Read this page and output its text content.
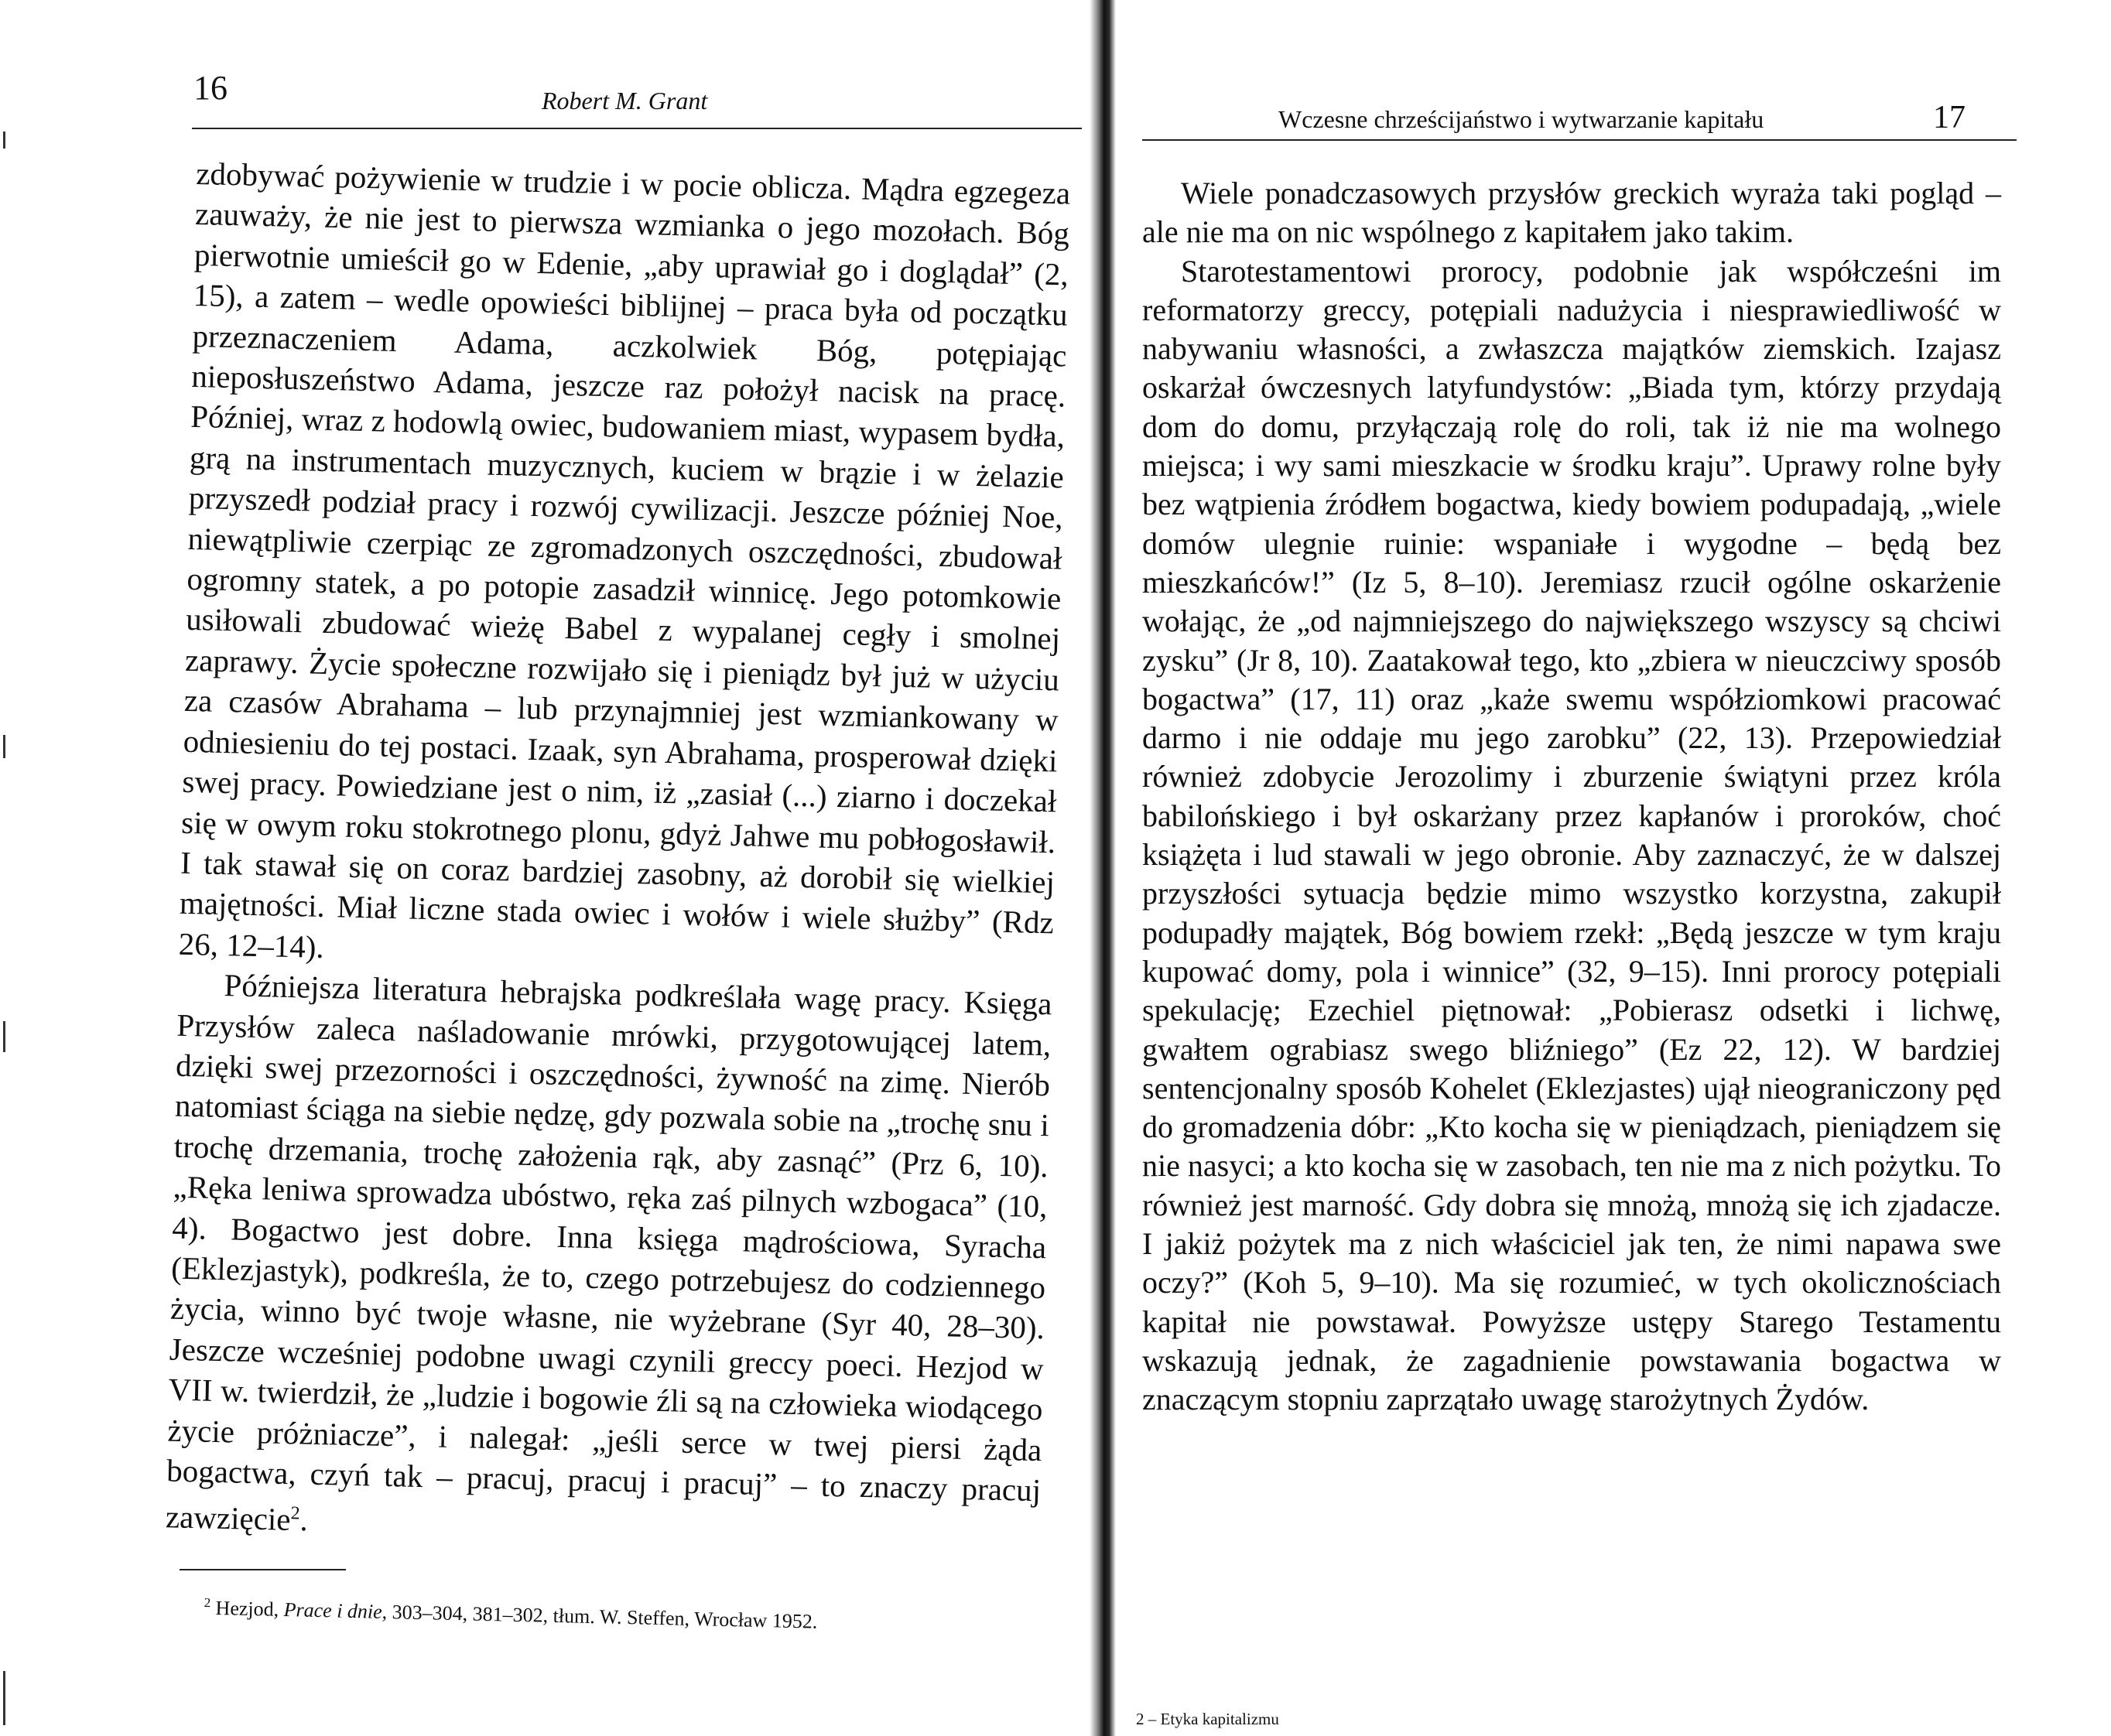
16	Robert M. Grant

zdobywać pożywienie w trudzie i w pocie oblicza. Mądra egzegeza zauważy, że nie jest to pierwsza wzmianka o jego mozołach. Bóg pierwotnie umieścił go w Edenie, „aby uprawiał go i doglądał” (2, 15), a zatem – wedle opowieści biblijnej – praca była od początku przeznaczeniem Adama, aczkolwiek Bóg, potępiając nieposłuszeństwo Adama, jeszcze raz położył nacisk na pracę. Później, wraz z hodowlą owiec, budowaniem miast, wypasem bydła, grą na instrumentach muzycznych, kuciem w brązie i w żelazie przyszedł podział pracy i rozwój cywilizacji. Jeszcze później Noe, niewątpliwie czerpiąc ze zgromadzonych oszczędności, zbudował ogromny statek, a po potopie zasadził winnicę. Jego potomkowie usiłowali zbudować wieżę Babel z wypalanej cegły i smolnej zaprawy. Życie społeczne rozwijało się i pieniądz był już w użyciu za czasów Abrahama – lub przynajmniej jest wzmiankowany w odniesieniu do tej postaci. Izaak, syn Abrahama, prosperował dzięki swej pracy. Powiedziane jest o nim, iż „zasiał (...) ziarno i doczekał się w owym roku stokrotnego plonu, gdyż Jahwe mu pobłogosławił. I tak stawał się on coraz bardziej zasobny, aż dorobił się wielkiej majętności. Miał liczne stada owiec i wołów i wiele służby” (Rdz 26, 12–14).

Późniejsza literatura hebrajska podkreślała wagę pracy. Księga Przysłów zaleca naśladowanie mrówki, przygotowującej latem, dzięki swej przezorności i oszczędności, żywność na zimę. Nierób natomiast ściąga na siebie nędzę, gdy pozwala sobie na „trochę snu i trochę drzemania, trochę założenia rąk, aby zasnąć” (Prz 6, 10). „Ręka leniwa sprowadza ubóstwo, ręka zaś pilnych wzbogaca” (10, 4). Bogactwo jest dobre. Inna księga mądrościowa, Syracha (Eklezjastyk), podkreśla, że to, czego potrzebujesz do codziennego życia, winno być twoje własne, nie wyżebrane (Syr 40, 28–30). Jeszcze wcześniej podobne uwagi czynili greccy poeci. Hezjod w VII w. twierdził, że „ludzie i bogowie źli są na człowieka wiodącego życie próżniacze”, i nalegał: „jeśli serce w twej piersi żąda bogactwa, czyń tak – pracuj, pracuj i pracuj” – to znaczy pracuj zawzięcie$^2$.

$^2$ Hezjod, Prace i dnie, 303–304, 381–302, tłum. W. Steffen, Wrocław 1952.
Wczesne chrześcijaństwo i wytwarzanie kapitału	17

Wiele ponadczasowych przysłów greckich wyraża taki pogląd – ale nie ma on nic wspólnego z kapitałem jako takim.

Starotestamentowi prorocy, podobnie jak współcześni im reformatorzy greccy, potępiali nadużycia i niesprawiedliwość w nabywaniu własności, a zwłaszcza majątków ziemskich. Izajasz oskarżał ówczesnych latyfundystów: „Biada tym, którzy przydają dom do domu, przyłączają rolę do roli, tak iż nie ma wolnego miejsca; i wy sami mieszkacie w środku kraju”. Uprawy rolne były bez wątpienia źródłem bogactwa, kiedy bowiem podupadają, „wiele domów ulegnie ruinie: wspaniałe i wygodne – będą bez mieszkańców!” (Iz 5, 8–10). Jeremiasz rzucił ogólne oskarżenie wołając, że „od najmniejszego do największego wszyscy są chciwi zysku” (Jr 8, 10). Zaatakował tego, kto „zbiera w nieuczciwy sposób bogactwa” (17, 11) oraz „każe swemu współziomkowi pracować darmo i nie oddaje mu jego zarobku” (22, 13). Przepowiedział również zdobycie Jerozolimy i zburzenie świątyni przez króla babilońskiego i był oskarżany przez kapłanów i proroków, choć książęta i lud stawali w jego obronie. Aby zaznaczyć, że w dalszej przyszłości sytuacja będzie mimo wszystko korzystna, zakupił podupadły majątek, Bóg bowiem rzekł: „Będą jeszcze w tym kraju kupować domy, pola i winnice” (32, 9–15). Inni prorocy potępiali spekulację; Ezechiel piętnował: „Pobierasz odsetki i lichwę, gwałtem ograbiasz swego bliźniego” (Ez 22, 12). W bardziej sentencjonalny sposób Kohelet (Eklezjastes) ujął nieograniczony pęd do gromadzenia dóbr: „Kto kocha się w pieniądzach, pieniądzem się nie nasyci; a kto kocha się w zasobach, ten nie ma z nich pożytku. To również jest marność. Gdy dobra się mnożą, mnożą się ich zjadacze. I jakiż pożytek ma z nich właściciel jak ten, że nimi napawa swe oczy?” (Koh 5, 9–10). Ma się rozumieć, w tych okolicznościach kapitał nie powstawał. Powyższe ustępy Starego Testamentu wskazują jednak, że zagadnienie powstawania bogactwa w znaczącym stopniu zaprzątało uwagę starożytnych Żydów.

2 – Etyka kapitalizmu
